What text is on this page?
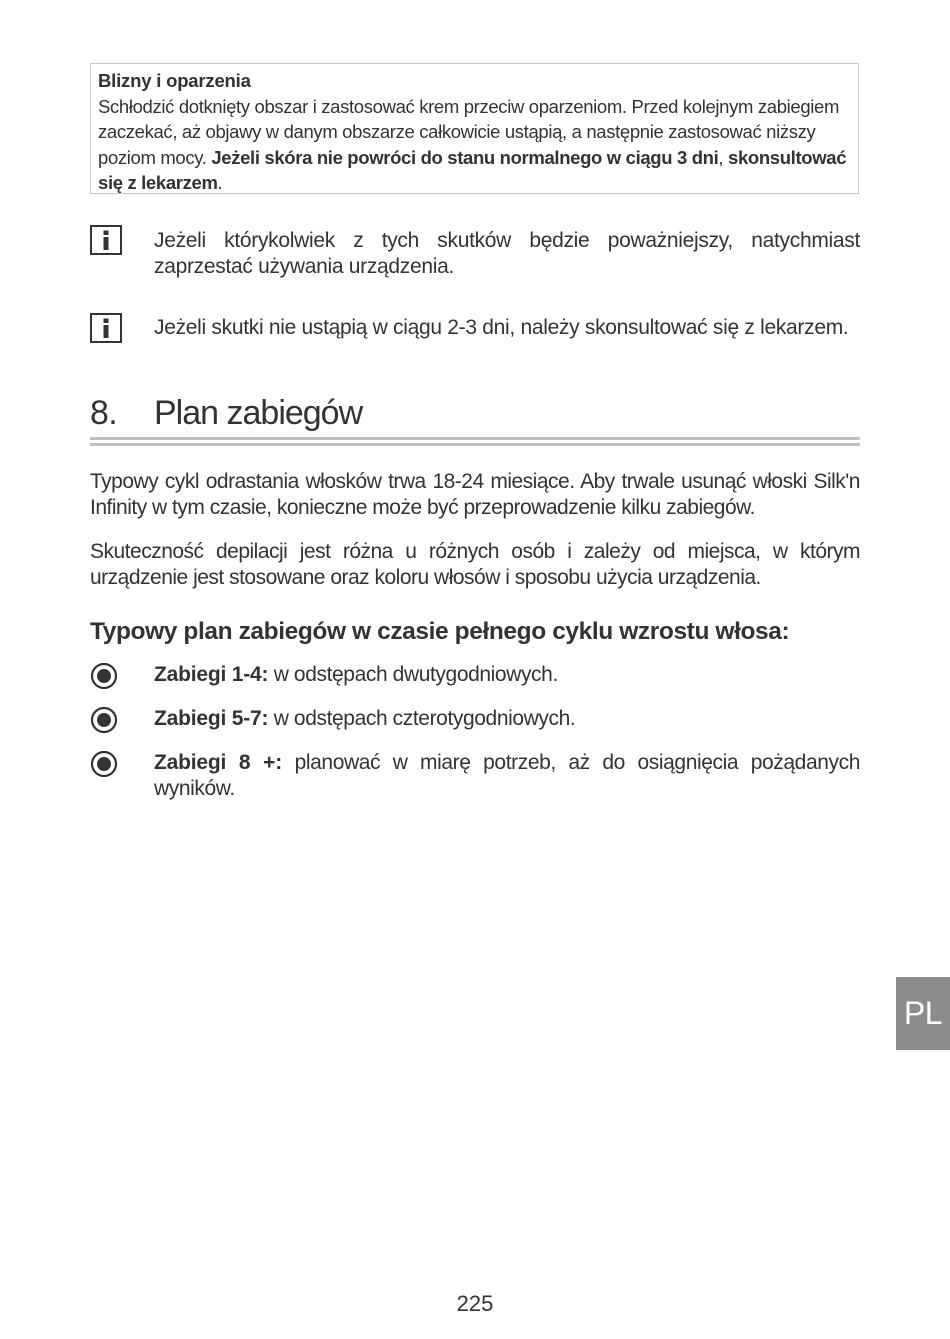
Blizny i oparzenia
Schłodzić dotknięty obszar i zastosować krem przeciw oparzeniom. Przed kolejnym zabiegiem zaczekać, aż objawy w danym obszarze całkowicie ustąpią, a następnie zastosować niższy poziom mocy. Jeżeli skóra nie powróci do stanu normalnego w ciągu 3 dni, skonsultować się z lekarzem.
Jeżeli którykolwiek z tych skutków będzie poważniejszy, natychmiast zaprzestać używania urządzenia.
Jeżeli skutki nie ustąpią w ciągu 2-3 dni, należy skonsultować się z lekarzem.
8. Plan zabiegów
Typowy cykl odrastania włosków trwa 18-24 miesiące. Aby trwale usunąć włoski Silk'n Infinity w tym czasie, konieczne może być przeprowadzenie kilku zabiegów.
Skuteczność depilacji jest różna u różnych osób i zależy od miejsca, w którym urządzenie jest stosowane oraz koloru włosów i sposobu użycia urządzenia.
Typowy plan zabiegów w czasie pełnego cyklu wzrostu włosa:
Zabiegi 1-4: w odstępach dwutygodniowych.
Zabiegi 5-7: w odstępach czterotygodniowych.
Zabiegi 8 +: planować w miarę potrzeb, aż do osiągnięcia pożądanych wyników.
PL
225
